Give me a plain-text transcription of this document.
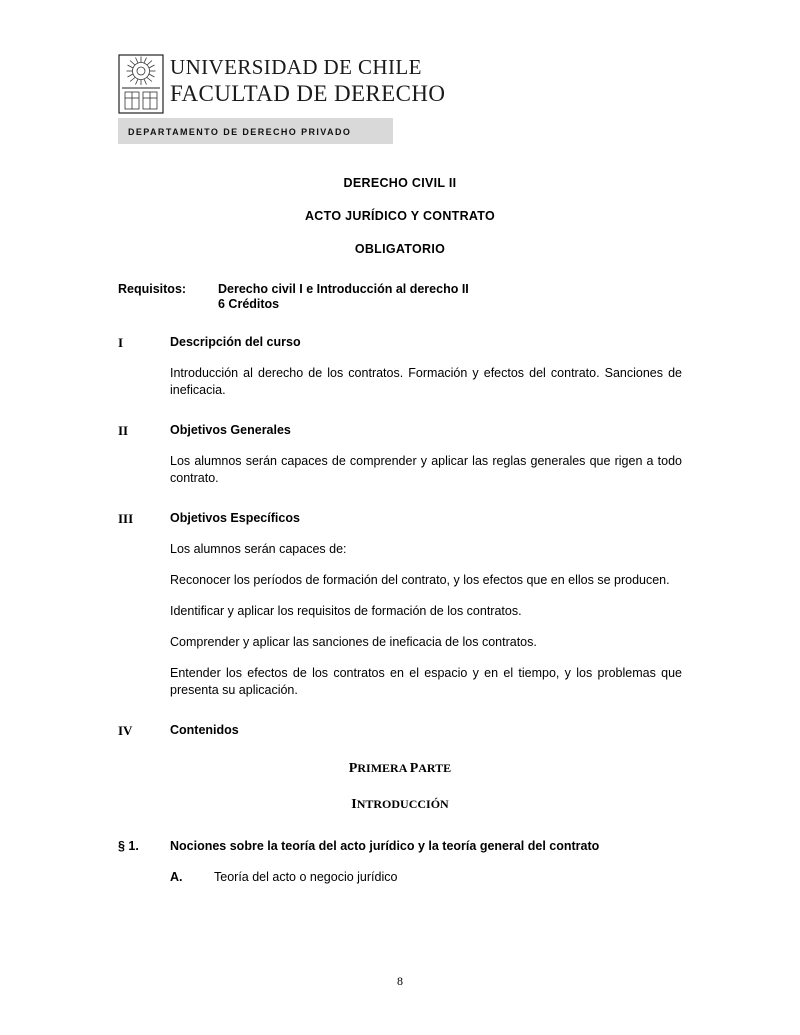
UNIVERSIDAD DE CHILE
FACULTAD DE DERECHO
DEPARTAMENTO DE DERECHO PRIVADO
DERECHO CIVIL II
ACTO JURÍDICO Y CONTRATO
OBLIGATORIO
Requisitos:	Derecho civil I e Introducción al derecho II
6 Créditos
I	Descripción del curso
Introducción al derecho de los contratos. Formación y efectos del contrato. Sanciones de ineficacia.
II	Objetivos Generales
Los alumnos serán capaces de comprender y aplicar las reglas generales que rigen a todo contrato.
III	Objetivos Específicos
Los alumnos serán capaces de:
Reconocer los períodos de formación del contrato, y los efectos que en ellos se producen.
Identificar y aplicar los requisitos de formación de los contratos.
Comprender y aplicar las sanciones de ineficacia de los contratos.
Entender los efectos de los contratos en el espacio y en el tiempo, y los problemas que presenta su aplicación.
IV	Contenidos
PRIMERA PARTE
INTRODUCCIÓN
§ 1.	Nociones sobre la teoría del acto jurídico y la teoría general del contrato
A.	Teoría del acto o negocio jurídico
8
